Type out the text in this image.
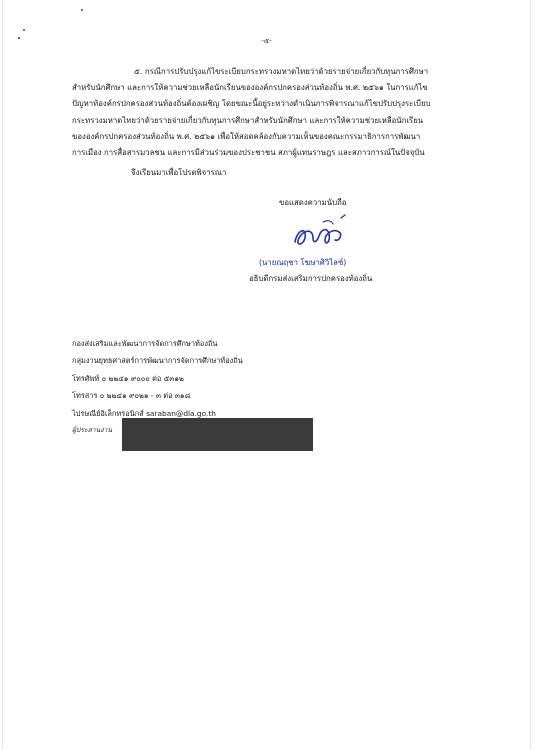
-๕-

๕. กรณีการปรับปรุงแก้ไขระเบียบกระทรวงมหาดไทยว่าด้วยรายจ่ายเกี่ยวกับทุนการศึกษา
สำหรับนักศึกษา และการให้ความช่วยเหลือนักเรียนขององค์กรปกครองส่วนท้องถิ่น พ.ศ. ๒๕๖๑ ในการแก้ไข
ปัญหาท้องค์กรปกครองส่วนท้องถิ่นต้องเผชิญ โดยขณะนี้อยู่ระหว่างดำเนินการพิจารณาแก้ไขปรับปรุงระเบียบ
กระทรวงมหาดไทยว่าด้วยรายจ่ายเกี่ยวกับทุนการศึกษาสำหรับนักศึกษา และการให้ความช่วยเหลือนักเรียน
ขององค์กรปกครองส่วนท้องถิ่น พ.ศ. ๒๕๖๑ เพื่อให้สอดคล้องกับความเห็นของคณะกรรมาธิการการพัฒนา
การเมือง การสื่อสารมวลชน และการมีส่วนร่วมของประชาชน สภาผู้แทนราษฎร และสภาวการณ์ในปัจจุบัน

จึงเรียนมาเพื่อโปรดพิจารณา
ขอแสดงความนับถือ
(นายณฤชา โฆษาศิวิไลซ์)
อธิบดีกรมส่งเสริมการปกครองท้องถิ่น
กองส่งเสริมและพัฒนาการจัดการศึกษาท้องถิ่น
กลุ่มงานยุทธศาสตร์การพัฒนาการจัดการศึกษาท้องถิ่น
โทรศัพท์ ๐ ๒๒๔๑ ๙๐๐๐ ต่อ ๕๓๑๒
โทรสาร ๐ ๒๒๔๑ ๙๐๒๑ - ๓ ต่อ ๓๑๘
ไปรษณีย์อิเล็กทรอนิกส์ saraban@dla.go.th
ผู้ประสานงาน
